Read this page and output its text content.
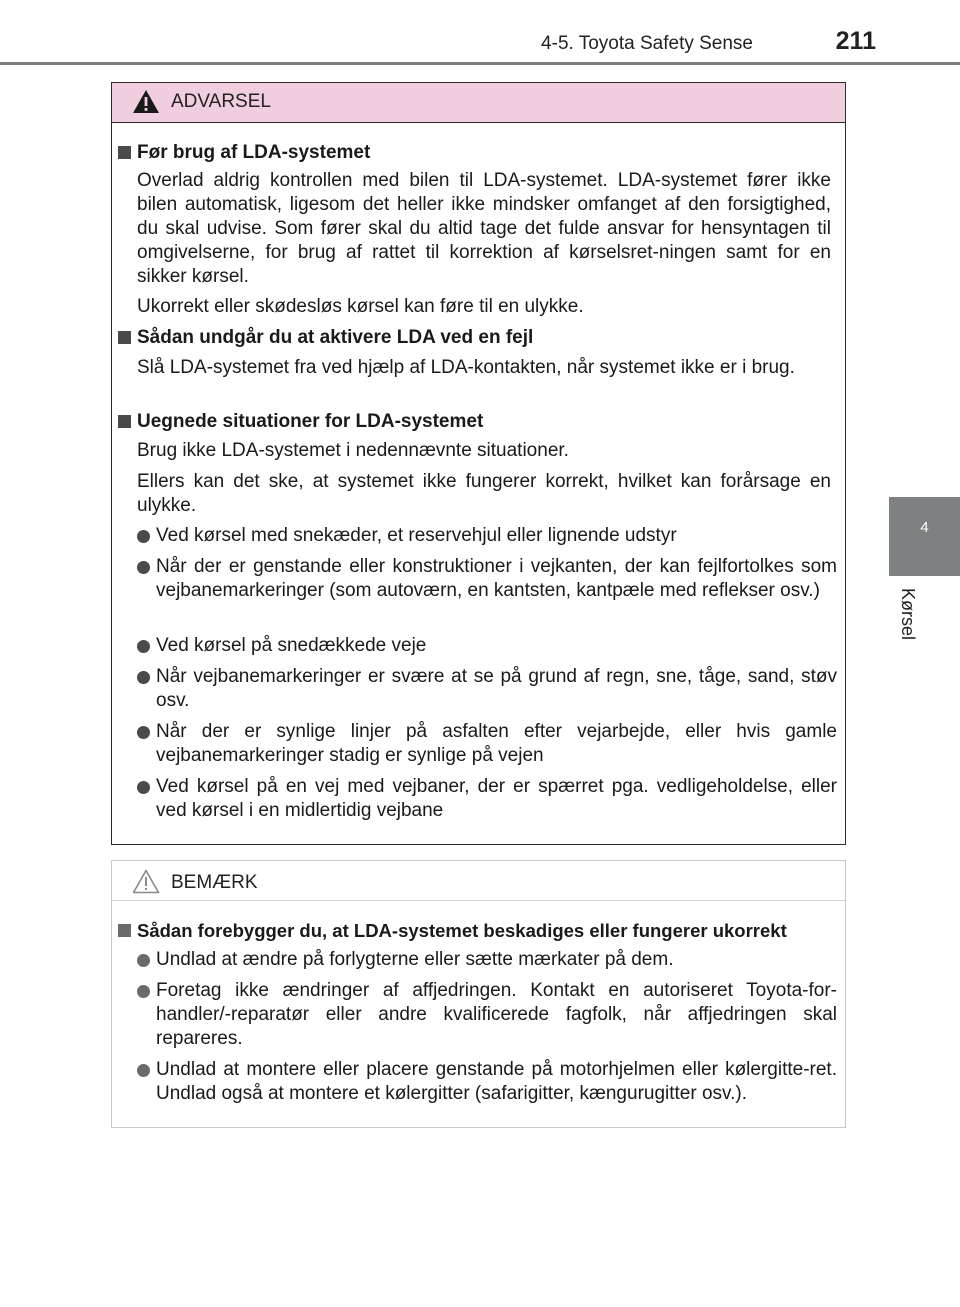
4-5. Toyota Safety Sense	211
4
Kørsel
ADVARSEL
Før brug af LDA-systemet
Overlad aldrig kontrollen med bilen til LDA-systemet. LDA-systemet fører ikke bilen automatisk, ligesom det heller ikke mindsker omfanget af den forsigtighed, du skal udvise. Som fører skal du altid tage det fulde ansvar for hensyntagen til omgivelserne, for brug af rattet til korrektion af kørselsret-ningen samt for en sikker kørsel.
Ukorrekt eller skødesløs kørsel kan føre til en ulykke.
Sådan undgår du at aktivere LDA ved en fejl
Slå LDA-systemet fra ved hjælp af LDA-kontakten, når systemet ikke er i brug.
Uegnede situationer for LDA-systemet
Brug ikke LDA-systemet i nedennævnte situationer.
Ellers kan det ske, at systemet ikke fungerer korrekt, hvilket kan forårsage en ulykke.
Ved kørsel med snekæder, et reservehjul eller lignende udstyr
Når der er genstande eller konstruktioner i vejkanten, der kan fejlfortolkes som vejbanemarkeringer (som autoværn, en kantsten, kantpæle med reflekser osv.)
Ved kørsel på snedækkede veje
Når vejbanemarkeringer er svære at se på grund af regn, sne, tåge, sand, støv osv.
Når der er synlige linjer på asfalten efter vejarbejde, eller hvis gamle vejbanemarkeringer stadig er synlige på vejen
Ved kørsel på en vej med vejbaner, der er spærret pga. vedligeholdelse, eller ved kørsel i en midlertidig vejbane
BEMÆRK
Sådan forebygger du, at LDA-systemet beskadiges eller fungerer ukorrekt
Undlad at ændre på forlygterne eller sætte mærkater på dem.
Foretag ikke ændringer af affjedringen. Kontakt en autoriseret Toyota-for-handler/-reparatør eller andre kvalificerede fagfolk, når affjedringen skal repareres.
Undlad at montere eller placere genstande på motorhjelmen eller kølergitte-ret. Undlad også at montere et kølergitter (safarigitter, kængurugitter osv.).
